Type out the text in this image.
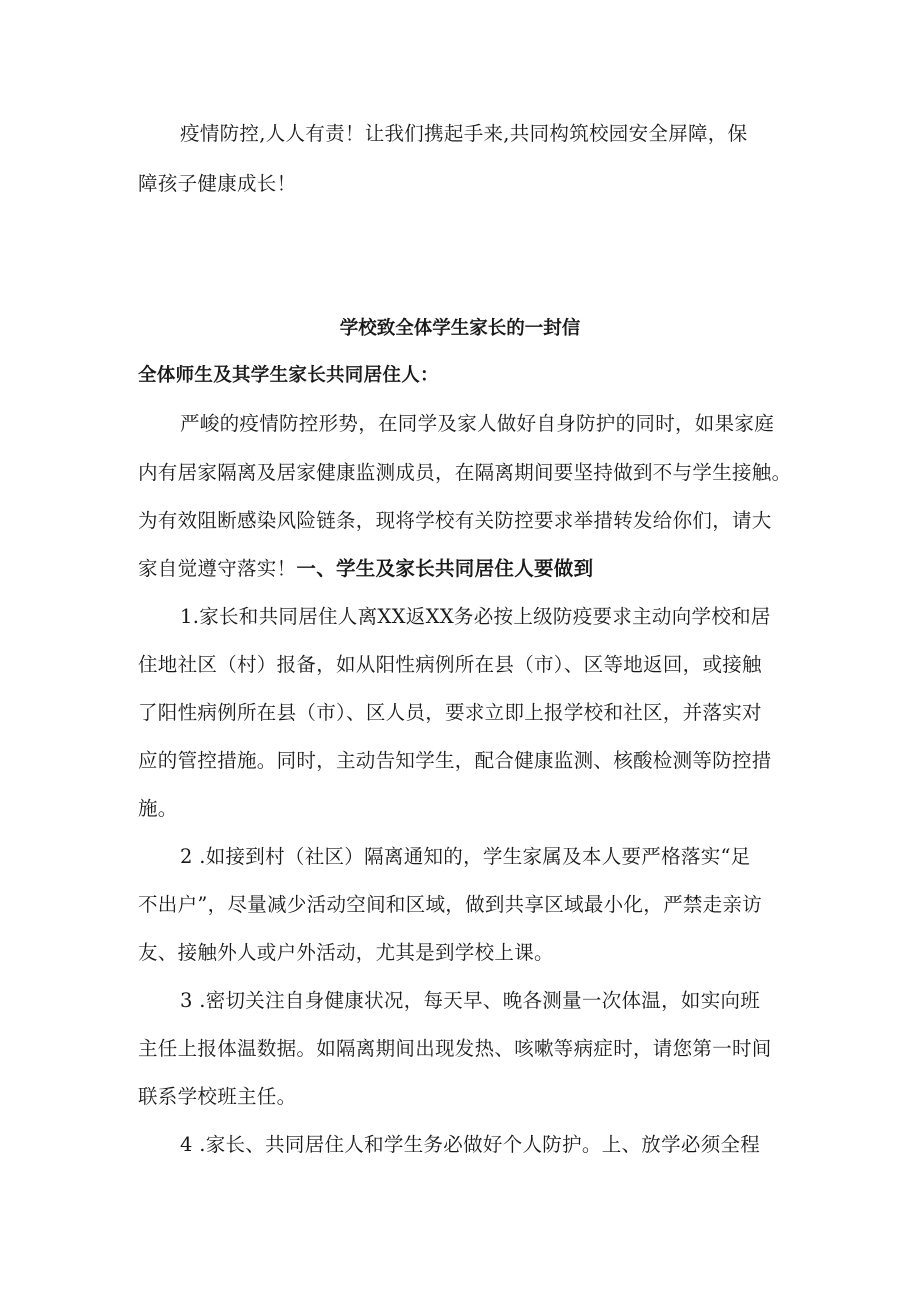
疫情防控,人人有责！让我们携起手来,共同构筑校园安全屏障，保
障孩子健康成长！
学校致全体学生家长的一封信
全体师生及其学生家长共同居住人：
严峻的疫情防控形势，在同学及家人做好自身防护的同时，如果家庭
内有居家隔离及居家健康监测成员，在隔离期间要坚持做到不与学生接触。
为有效阻断感染风险链条，现将学校有关防控要求举措转发给你们，请大
家自觉遵守落实！一、学生及家长共同居住人要做到
1.家长和共同居住人离XX返XX务必按上级防疫要求主动向学校和居
住地社区（村）报备，如从阳性病例所在县（市）、区等地返回，或接触
了阳性病例所在县（市）、区人员，要求立即上报学校和社区，并落实对
应的管控措施。同时，主动告知学生，配合健康监测、核酸检测等防控措
施。
2 .如接到村（社区）隔离通知的，学生家属及本人要严格落实“足
不出户”，尽量减少活动空间和区域，做到共享区域最小化，严禁走亲访
友、接触外人或户外活动，尤其是到学校上课。
3 .密切关注自身健康状况，每天早、晚各测量一次体温，如实向班
主任上报体温数据。如隔离期间出现发热、咳嗽等病症时，请您第一时间
联系学校班主任。
4 .家长、共同居住人和学生务必做好个人防护。上、放学必须全程
